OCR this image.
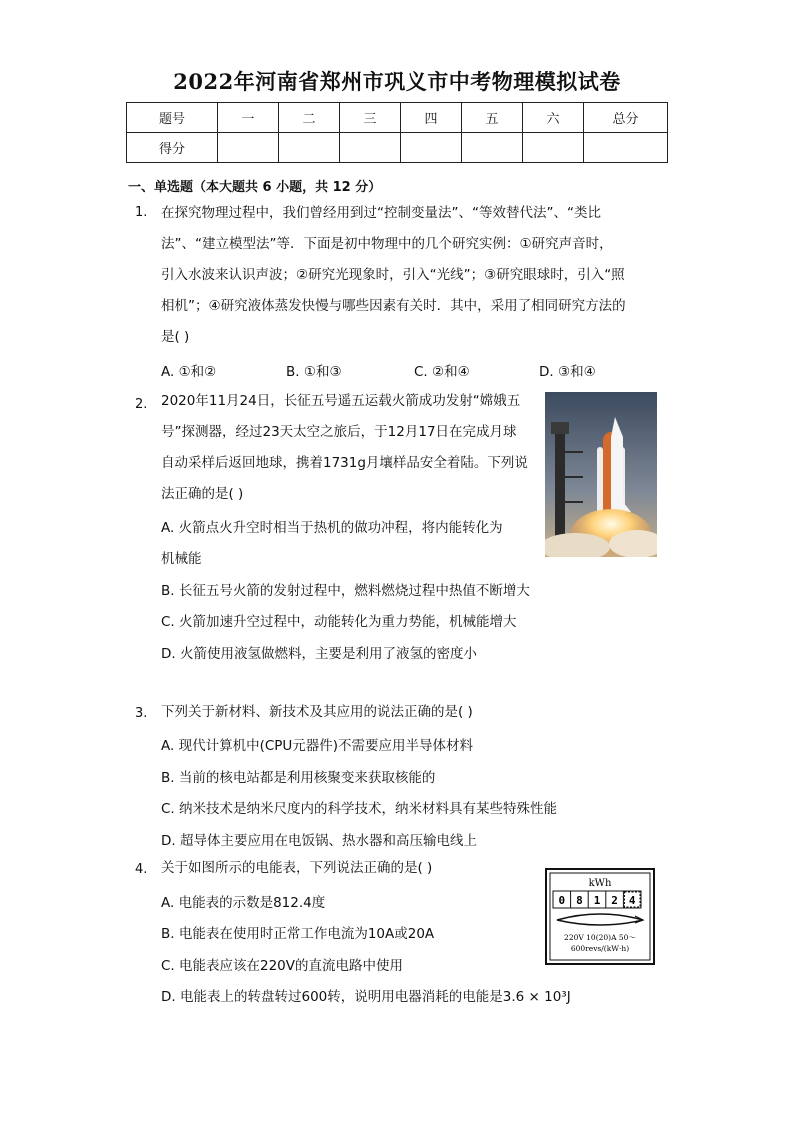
2022年河南省郑州市巩义市中考物理模拟试卷
题号	一	二	三	四	五	六	总分
得分							
一、单选题（本大题共 6 小题，共 12 分）
1. 在探究物理过程中，我们曾经用到过“控制变量法”、“等效替代法”、“类比
法”、“建立模型法”等．下面是初中物理中的几个研究实例：①研究声音时，
引入水波来认识声波；②研究光现象时，引入“光线”；③研究眼球时，引入“照
相机”；④研究液体蒸发快慢与哪些因素有关时．其中，采用了相同研究方法的
是( )
A. ①和②	B. ①和③	C. ②和④	D. ③和④
2. 2020年11月24日，长征五号遥五运载火箭成功发射“嫦娥五
号”探测器，经过23天太空之旅后，于12月17日在完成月球
自动采样后返回地球，携着1731g月壤样品安全着陆。下列说
法正确的是( )
A. 火箭点火升空时相当于热机的做功冲程，将内能转化为
机械能
B. 长征五号火箭的发射过程中，燃料燃烧过程中热值不断增大
C. 火箭加速升空过程中，动能转化为重力势能，机械能增大
D. 火箭使用液氢做燃料，主要是利用了液氢的密度小
3. 下列关于新材料、新技术及其应用的说法正确的是( )
A. 现代计算机中(CPU元器件)不需要应用半导体材料
B. 当前的核电站都是利用核聚变来获取核能的
C. 纳米技术是纳米尺度内的科学技术，纳米材料具有某些特殊性能
D. 超导体主要应用在电饭锅、热水器和高压输电线上
4. 关于如图所示的电能表，下列说法正确的是( )
A. 电能表的示数是812.4度
B. 电能表在使用时正常工作电流为10A或20A
C. 电能表应该在220V的直流电路中使用
D. 电能表上的转盘转过600转，说明用电器消耗的电能是3.6 × 10³J
kWh
0 8 1 2 4
220V 10(20)A 50～
600revs/(kW·h)
